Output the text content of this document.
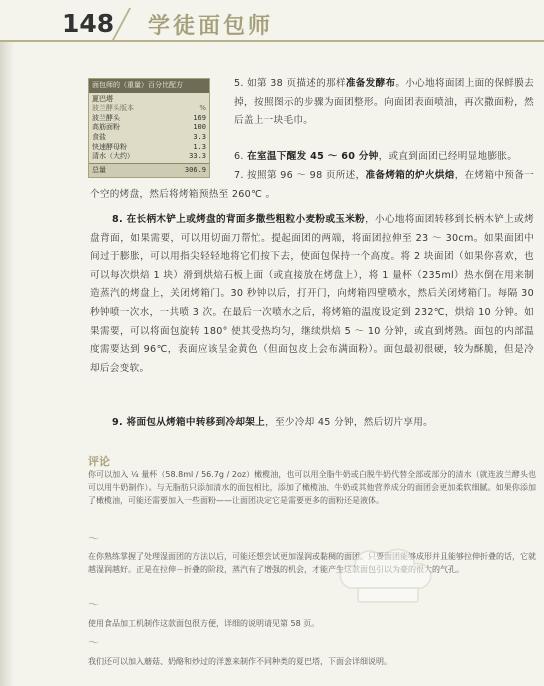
148 学徒面包师
面包师的（重量）百分比配方
夏巴塔
波兰酵头版本	%
波兰酵头	169
高筋面粉	100
食盐	3.3
快速酵母粉	1.3
清水（大约）	33.3
总量	306.9

5. 如第 38 页描述的那样准备发酵布。小心地将面团上面的保鲜膜去掉，按照图示的步骤为面团整形。向面团表面喷油，再次撒面粉，然后盖上一块毛巾。

6. 在室温下醒发 45 ～ 60 分钟，或直到面团已经明显地膨胀。

7. 按照第 96 ～ 98 页所述，准备烤箱的炉火烘焙，在烤箱中预备一个空的烤盘，然后将烤箱预热至 260℃ 。

8. 在长柄木铲上或烤盘的背面多撒些粗粒小麦粉或玉米粉，小心地将面团转移到长柄木铲上或烤盘背面，如果需要，可以用切面刀帮忙。提起面团的两端，将面团拉伸至 23 ～ 30cm。如果面团中间过于膨胀，可以用指尖轻轻地将它们按下去，使面包保持一个高度。将 2 块面团（如果你喜欢，也可以每次烘焙 1 块）滑到烘焙石板上面（或直接放在烤盘上），将 1 量杯（235ml）热水倒在用来制造蒸汽的烤盘上，关闭烤箱门。30 秒钟以后，打开门，向烤箱四壁喷水，然后关闭烤箱门。每隔 30 秒钟喷一次水，一共喷 3 次。在最后一次喷水之后，将烤箱的温度设定到 232℃，烘焙 10 分钟。如果需要，可以将面包旋转 180° 使其受热均匀，继续烘焙 5 ～ 10 分钟，或直到烤熟。面包的内部温度需要达到 96℃，表面应该呈金黄色（但面包皮上会布满面粉）。面包最初很硬，较为酥脆，但是冷却后会变软。

9. 将面包从烤箱中转移到冷却架上，至少冷却 45 分钟，然后切片享用。

评论

你可以加入 ¹⁄₄ 量杯（58.8ml / 56.7g / 2oz）橄榄油，也可以用全脂牛奶或白脱牛奶代替全部或部分的清水（就连波兰酵头也可以用牛奶制作）。与无脂肪只添加清水的面包相比，添加了橄榄油、牛奶或其他营养成分的面团会更加柔软细腻。如果你添加了橄榄油，可能还需要加入一些面粉——让面团决定它是需要更多的面粉还是液体。

～

在你熟练掌握了处理湿面团的方法以后，可能还想尝试更加湿润或黏稠的面团。只要面团能够成形并且能够拉伸折叠的话，它就越湿润越好。正是在拉伸－折叠的阶段，蒸汽有了增强的机会，才能产生这款面包引以为豪的很大的气孔。

～

使用食品加工机制作这款面包很方便，详细的说明请见第 58 页。

～

我们还可以加入蘑菇、奶酪和炒过的洋葱来制作不同种类的夏巴塔，下面会详细说明。
